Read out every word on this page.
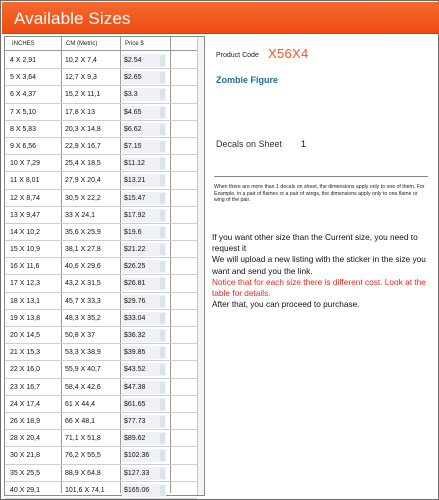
Available Sizes
INCHES	CM (Metric)	Price $
4 X 2,91	10,2 X 7,4	$2.54
5 X 3,64	12,7 X 9,3	$2.65
6 X 4,37	15,2 X 11,1	$3.3
7 X 5,10	17,8 X 13	$4.65
8 X 5,83	20,3 X 14,8	$6.62
9 X 6,56	22,9 X 16,7	$7.15
10 X 7,29	25,4 X 18,5	$11.12
11 X 8,01	27,9 X 20,4	$13.21
12 X 8,74	30,5 X 22,2	$15.47
13 X 9,47	33 X 24,1	$17.92
14 X 10,2	35,6 X 25,9	$19.6
15 X 10,9	38,1 X 27,8	$21.22
16 X 11,6	40,6 X 29,6	$26.25
17 X 12,3	43,2 X 31,5	$26.81
18 X 13,1	45,7 X 33,3	$29.76
19 X 13,8	48,3 X 35,2	$33.04
20 X 14,5	50,8 X 37	$36.32
21 X 15,3	53,3 X 38,9	$39.85
22 X 16,0	55,9 X 40,7	$43.52
23 X 16,7	58,4 X 42,6	$47.38
24 X 17,4	61 X 44,4	$61.65
26 X 18,9	66 X 48,1	$77.73
28 X 20,4	71,1 X 51,8	$89.62
30 X 21,8	76,2 X 55,5	$102.36
35 X 25,5	88,9 X 64,8	$127.33
40 X 29,1	101,6 X 74,1	$165.06
Product Code X56X4
Zombie Figure
Decals on Sheet 1
When there are more than 1 decals on sheet, the dimensions apply only to one of them. For Example, in a pair of flames or a pair of wings, the dimensions apply only to one flame or wing of the pair.
If you want other size than the Current size, you need to request it
We will upload a new listing with the sticker in the size you want and send you the link.
Notice that for each size there is different cost. Look at the table for details.
After that, you can proceed to purchase.
